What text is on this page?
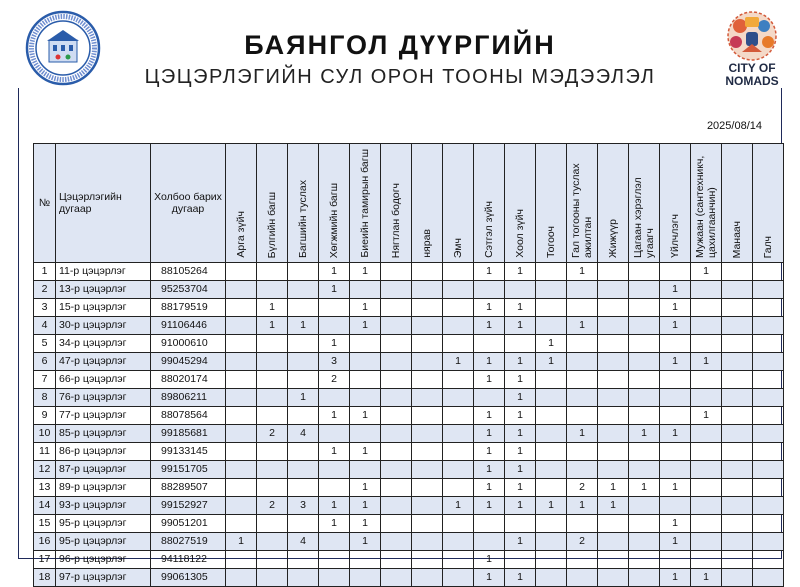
CITY OF
NOMADS
БАЯНГОЛ ДҮҮРГИЙН
ЦЭЦЭРЛЭГИЙН СУЛ ОРОН ТООНЫ МЭДЭЭЛЭЛ
2025/08/14
№	Цэцэрлэгийн дугаар	Холбоо барих дугаар	Арга зүйч	Бүлгийн багш	Багшийн туслах	Хөгжмийн багш	Биеийн тамирын багш	Нягтлан бодогч	нярав	Эмч	Сэтгэл зүйч	Хоол зүйч	Тогооч	Гал тогооны туслах ажилтан	Жижүүр	Цагаан хэрэглэл угаагч	Үйлчлэгч	Мужаан (сантехникч, цахилгаанчин)	Манаач	Галч

1	11-р цэцэрлэг	88105264				1	1				1	1		1				1		
2	13-р цэцэрлэг	95253704				1											1			
3	15-р цэцэрлэг	88179519		1			1				1	1					1			
4	30-р цэцэрлэг	91106446		1	1		1				1	1		1			1			
5	34-р цэцэрлэг	91000610				1							1							
6	47-р цэцэрлэг	99045294				3				1	1	1	1				1	1		
7	66-р цэцэрлэг	88020174				2					1	1								
8	76-р цэцэрлэг	89806211			1							1								
9	77-р цэцэрлэг	88078564				1	1				1	1						1		
10	85-р цэцэрлэг	99185681		2	4						1	1		1		1	1			
11	86-р цэцэрлэг	99133145				1	1				1	1								
12	87-р цэцэрлэг	99151705									1	1								
13	89-р цэцэрлэг	88289507					1				1	1		2	1	1	1			
14	93-р цэцэрлэг	99152927		2	3	1	1			1	1	1	1	1	1					
15	95-р цэцэрлэг	99051201				1	1										1			
16	95-р цэцэрлэг	88027519	1		4		1					1		2			1			
17	96-р цэцэрлэг	94118122									1									
18	97-р цэцэрлэг	99061305									1	1					1	1		
